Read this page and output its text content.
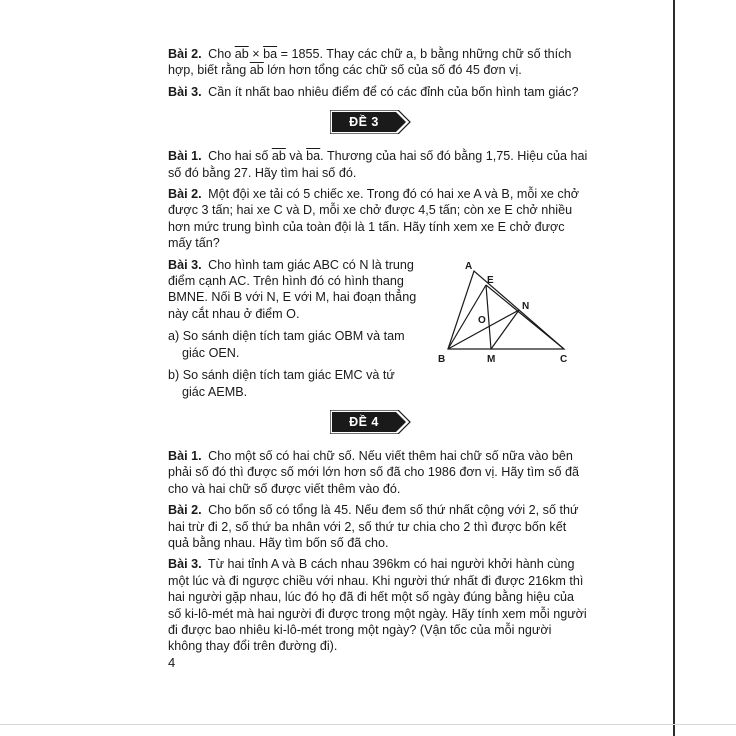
Bài 2. Cho $\overline{ab} \times \overline{ba} = 1855$. Thay các chữ a, b bằng những chữ số thích hợp, biết rằng $\overline{ab}$ lớn hơn tổng các chữ số của số đó 45 đơn vị.

Bài 3. Cần ít nhất bao nhiêu điểm để có các đỉnh của bốn hình tam giác?

ĐỀ 3

Bài 1. Cho hai số $\overline{ab}$ và $\overline{ba}$. Thương của hai số đó bằng 1,75. Hiệu của hai số đó bằng 27. Hãy tìm hai số đó.

Bài 2. Một đội xe tải có 5 chiếc xe. Trong đó có hai xe A và B, mỗi xe chở được 3 tấn; hai xe C và D, mỗi xe chở được 4,5 tấn; còn xe E chở nhiều hơn mức trung bình của toàn đội là 1 tấn. Hãy tính xem xe E chở được mấy tấn?

Bài 3. Cho hình tam giác ABC có N là trung điểm cạnh AC. Trên hình đó có hình thang BMNE. Nối B với N, E với M, hai đoạn thẳng này cắt nhau ở điểm O.

a) So sánh diện tích tam giác OBM và tam giác OEN.

b) So sánh diện tích tam giác EMC và tứ giác AEMB.

A
E
N
O
B	M	C
ĐỀ 4

Bài 1. Cho một số có hai chữ số. Nếu viết thêm hai chữ số nữa vào bên phải số đó thì được số mới lớn hơn số đã cho 1986 đơn vị. Hãy tìm số đã cho và hai chữ số được viết thêm vào đó.

Bài 2. Cho bốn số có tổng là 45. Nếu đem số thứ nhất cộng với 2, số thứ hai trừ đi 2, số thứ ba nhân với 2, số thứ tư chia cho 2 thì được bốn kết quả bằng nhau. Hãy tìm bốn số đã cho.

Bài 3. Từ hai tỉnh A và B cách nhau 396km có hai người khởi hành cùng một lúc và đi ngược chiều với nhau. Khi người thứ nhất đi được 216km thì hai người gặp nhau, lúc đó họ đã đi hết một số ngày đúng bằng hiệu của số ki-lô-mét mà hai người đi được trong một ngày. Hãy tính xem mỗi người đi được bao nhiêu ki-lô-mét trong một ngày? (Vận tốc của mỗi người không thay đổi trên đường đi).

4
